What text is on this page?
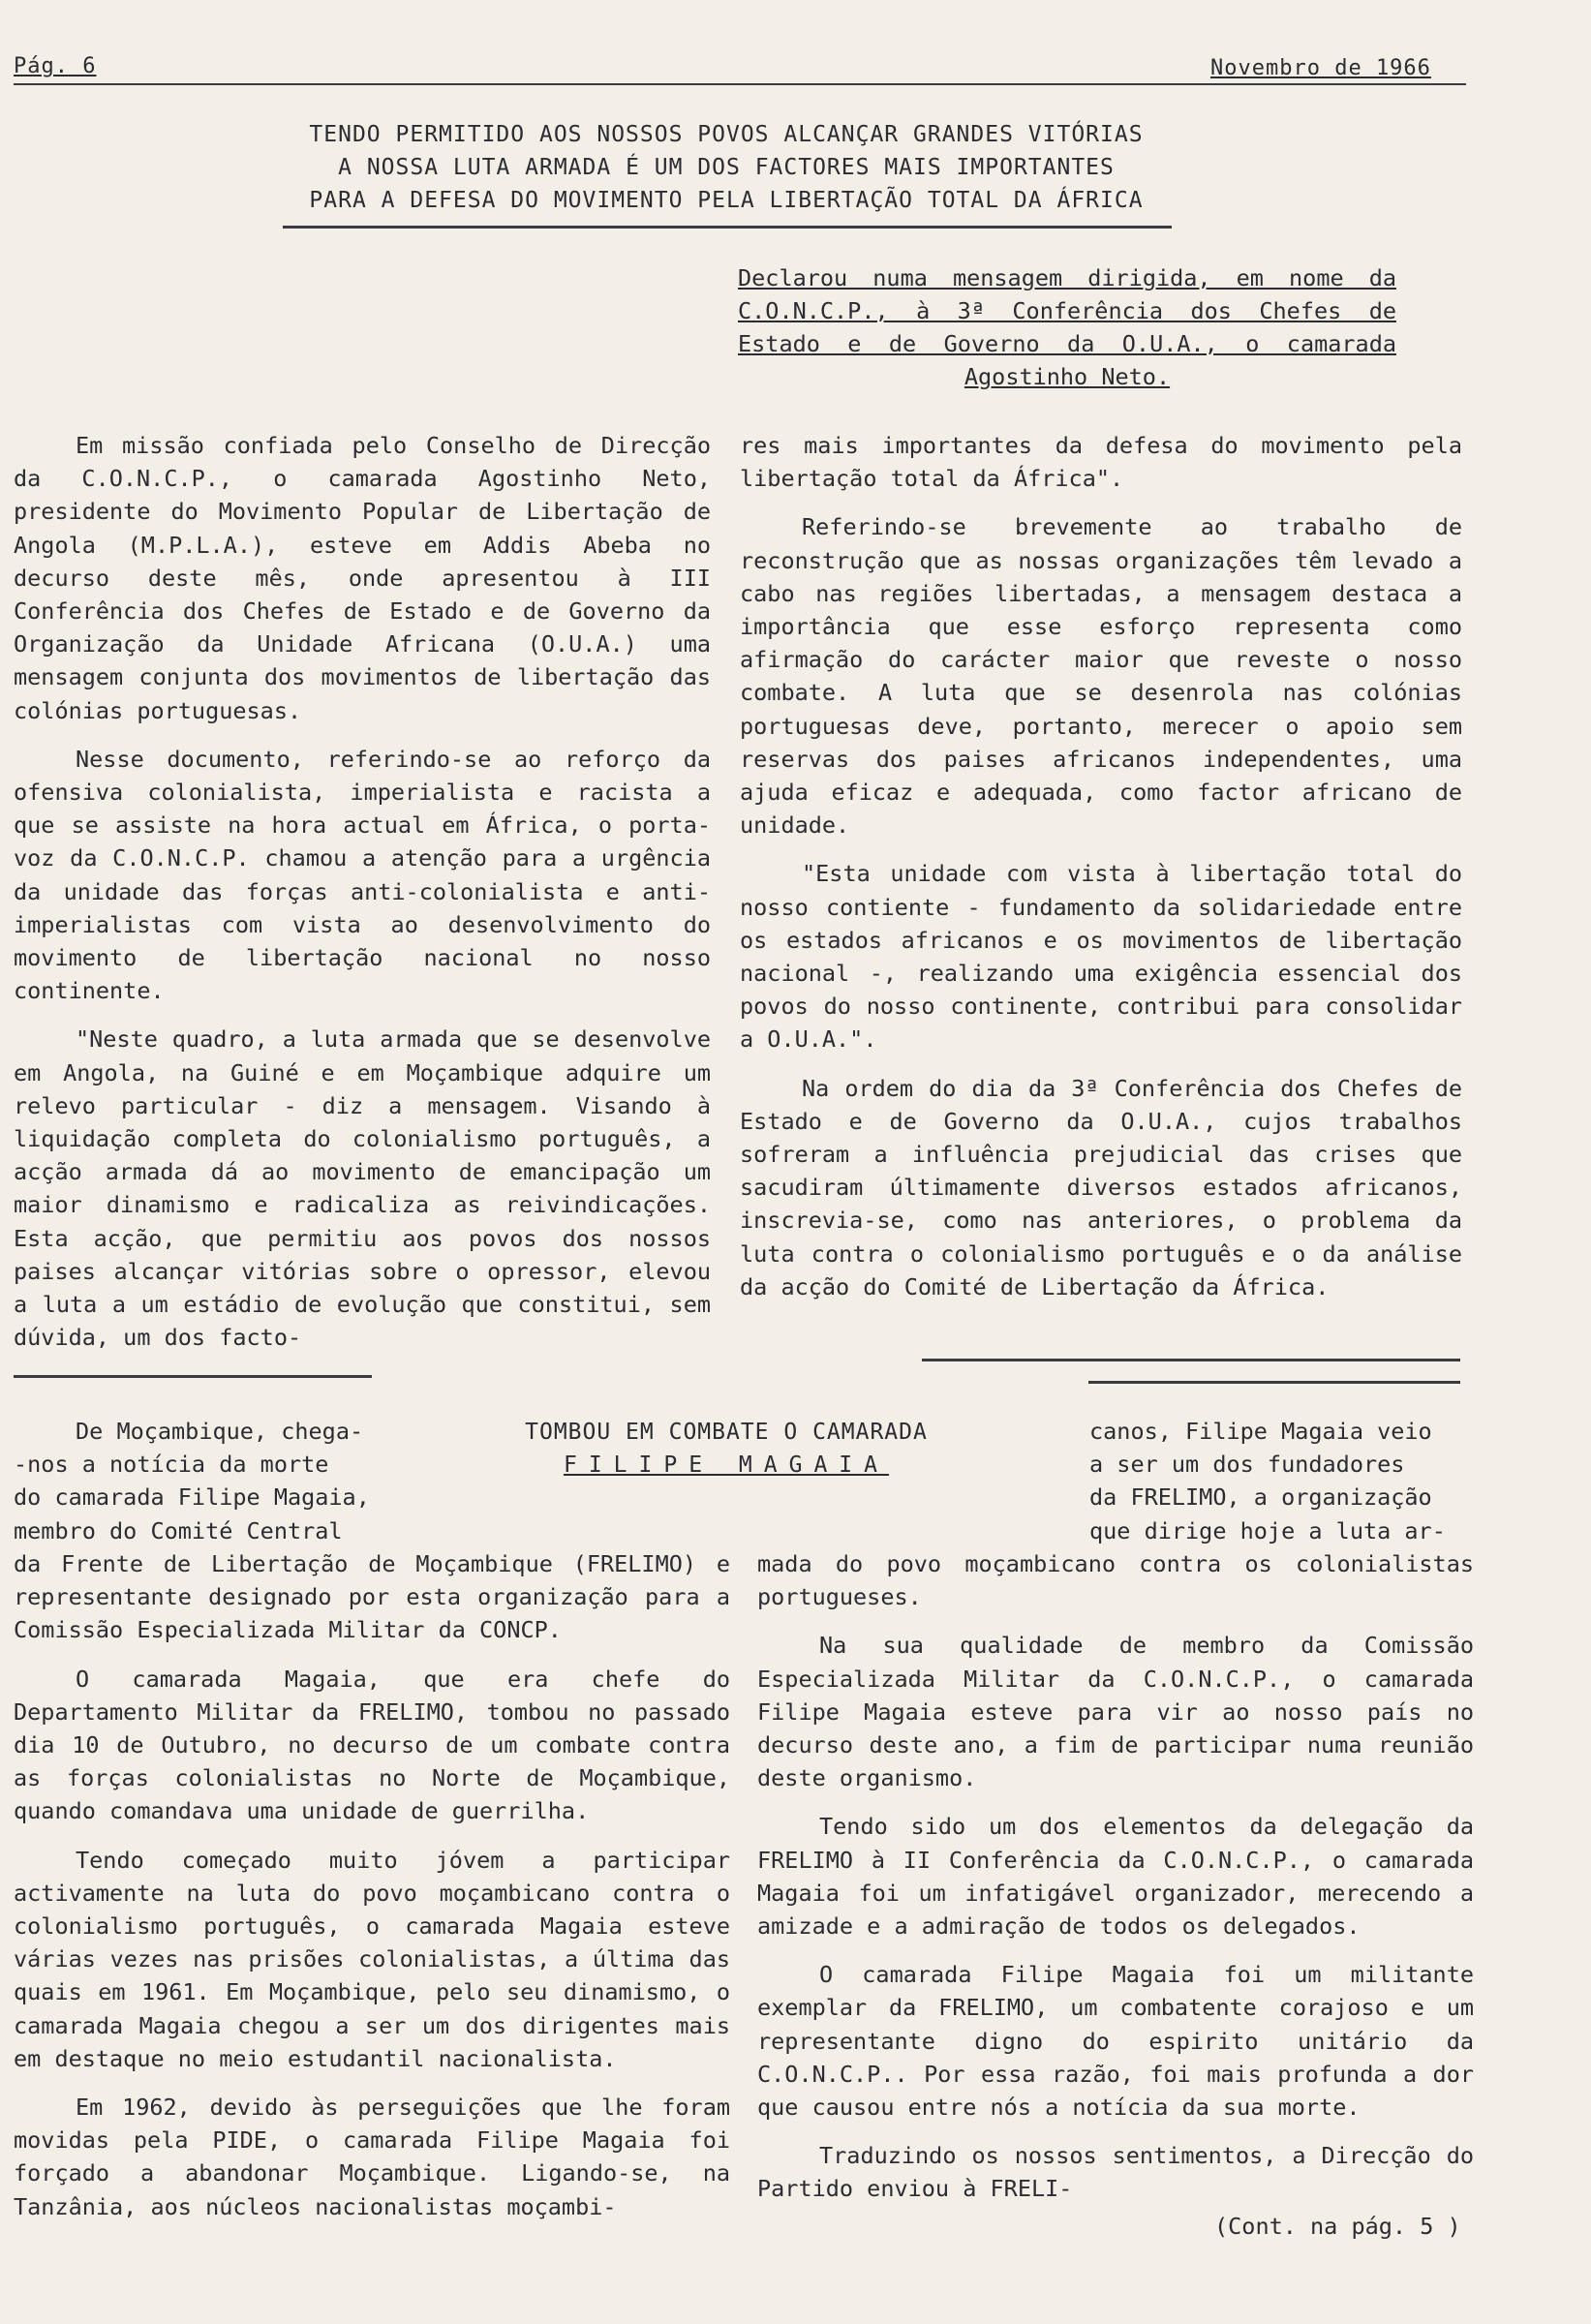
Pág. 6	Novembro de 1966
TENDO PERMITIDO AOS NOSSOS POVOS ALCANÇAR GRANDES VITÓRIAS
A NOSSA LUTA ARMADA É UM DOS FACTORES MAIS IMPORTANTES
PARA A DEFESA DO MOVIMENTO PELA LIBERTAÇÃO TOTAL DA ÁFRICA
Declarou numa mensagem dirigida, em nome da
C.O.N.C.P., à 3ª Conferência dos Chefes de
Estado e de Governo da O.U.A., o camarada
Agostinho Neto.

Em missão confiada pelo Conselho de Direcção da C.O.N.C.P., o camarada Agostinho Neto, presidente do Movimento Popular de Libertação de Angola (M.P.L.A.), esteve em Addis Abeba no decurso deste mês, onde apresentou à III Conferência dos Chefes de Estado e de Governo da Organização da Unidade Africana (O.U.A.) uma mensagem conjunta dos movimentos de libertação das colónias portuguesas.

Nesse documento, referindo-se ao reforço da ofensiva colonialista, imperialista e racista a que se assiste na hora actual em África, o porta-voz da C.O.N.C.P. chamou a atenção para a urgência da unidade das forças anti-colonialista e anti-imperialistas com vista ao desenvolvimento do movimento de libertação nacional no nosso continente.

"Neste quadro, a luta armada que se desenvolve em Angola, na Guiné e em Moçambique adquire um relevo particular - diz a mensagem. Visando à liquidação completa do colonialismo português, a acção armada dá ao movimento de emancipação um maior dinamismo e radicaliza as reivindicações. Esta acção, que permitiu aos povos dos nossos paises alcançar vitórias sobre o opressor, elevou a luta a um estádio de evolução que constitui, sem dúvida, um dos facto-

res mais importantes da defesa do movimento pela libertação total da África".

Referindo-se brevemente ao trabalho de reconstrução que as nossas organizações têm levado a cabo nas regiões libertadas, a mensagem destaca a importância que esse esforço representa como afirmação do carácter maior que reveste o nosso combate. A luta que se desenrola nas colónias portuguesas deve, portanto, merecer o apoio sem reservas dos paises africanos independentes, uma ajuda eficaz e adequada, como factor africano de unidade.

"Esta unidade com vista à libertação total do nosso contiente - fundamento da solidariedade entre os estados africanos e os movimentos de libertação nacional -, realizando uma exigência essencial dos povos do nosso continente, contribui para consolidar a O.U.A.".

Na ordem do dia da 3ª Conferência dos Chefes de Estado e de Governo da O.U.A., cujos trabalhos sofreram a influência prejudicial das crises que sacudiram últimamente diversos estados africanos, inscrevia-se, como nas anteriores, o problema da luta contra o colonialismo português e o da análise da acção do Comité de Libertação da África.

TOMBOU EM COMBATE O CAMARADA
FILIPE MAGAIA
De Moçambique, chega-
-nos a notícia da morte
do camarada Filipe Magaia,
membro do Comité Central
canos, Filipe Magaia veio
a ser um dos fundadores
da FRELIMO, a organização
que dirige hoje a luta ar-

da Frente de Libertação de Moçambique (FRELIMO) e representante designado por esta organização para a Comissão Especializada Militar da CONCP.

O camarada Magaia, que era chefe do Departamento Militar da FRELIMO, tombou no passado dia 10 de Outubro, no decurso de um combate contra as forças colonialistas no Norte de Moçambique, quando comandava uma unidade de guerrilha.

Tendo começado muito jóvem a participar activamente na luta do povo moçambicano contra o colonialismo português, o camarada Magaia esteve várias vezes nas prisões colonialistas, a última das quais em 1961. Em Moçambique, pelo seu dinamismo, o camarada Magaia chegou a ser um dos dirigentes mais em destaque no meio estudantil nacionalista.

Em 1962, devido às perseguições que lhe foram movidas pela PIDE, o camarada Filipe Magaia foi forçado a abandonar Moçambique. Ligando-se, na Tanzânia, aos núcleos nacionalistas moçambi-

mada do povo moçambicano contra os colonialistas portugueses.

Na sua qualidade de membro da Comissão Especializada Militar da C.O.N.C.P., o camarada Filipe Magaia esteve para vir ao nosso país no decurso deste ano, a fim de participar numa reunião deste organismo.

Tendo sido um dos elementos da delegação da FRELIMO à II Conferência da C.O.N.C.P., o camarada Magaia foi um infatigável organizador, merecendo a amizade e a admiração de todos os delegados.

O camarada Filipe Magaia foi um militante exemplar da FRELIMO, um combatente corajoso e um representante digno do espirito unitário da C.O.N.C.P.. Por essa razão, foi mais profunda a dor que causou entre nós a notícia da sua morte.

Traduzindo os nossos sentimentos, a Direcção do Partido enviou à FRELI-

(Cont. na pág. 5 )
